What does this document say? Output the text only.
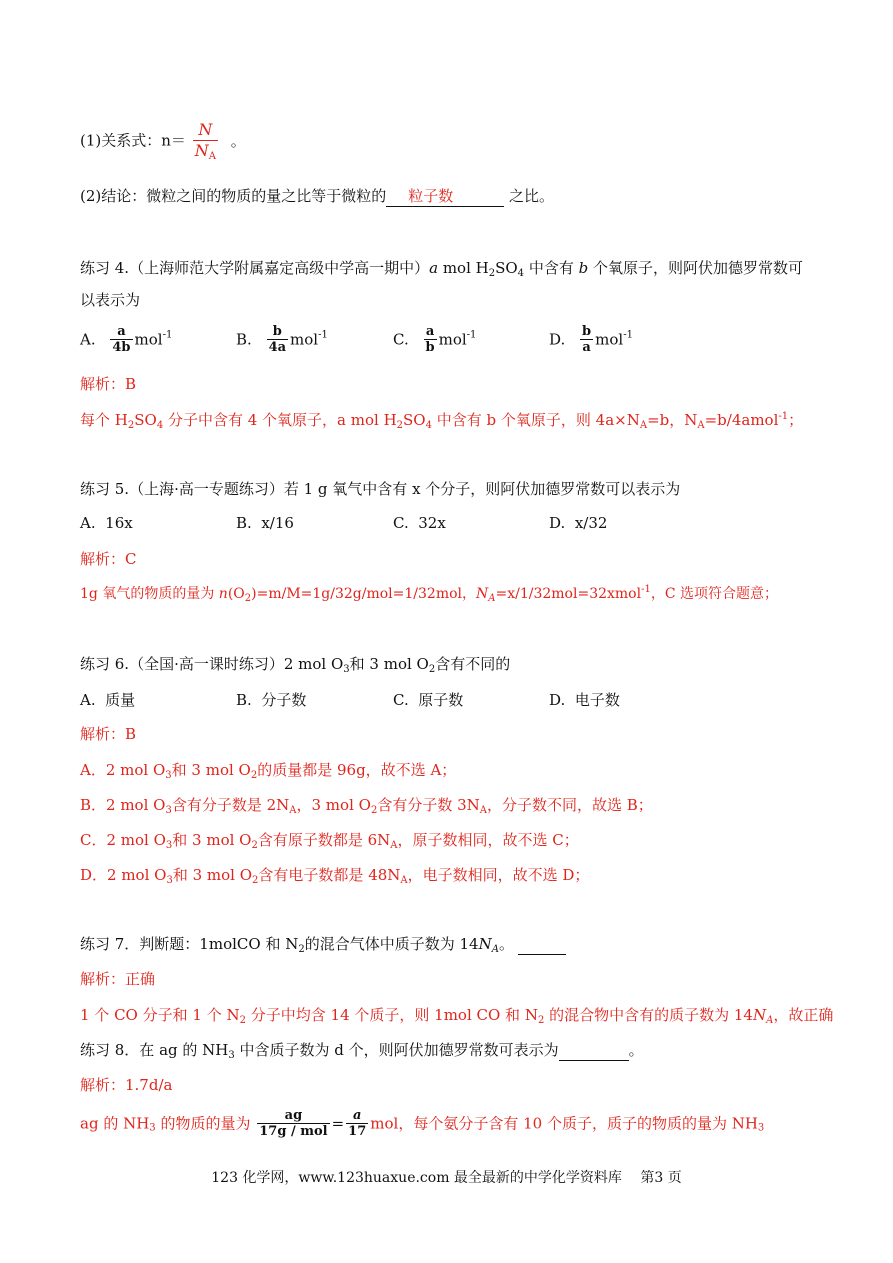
(1)关系式：$n= \frac{N}{N_A}$ 。
(2)结论：微粒之间的物质的量之比等于微粒的 粒子数	之比。
练习 4.（上海师范大学附属嘉定高级中学高一期中）a mol $H_2SO_4$ 中含有 b 个氧原子，则阿伏加德罗常数可
以表示为
A. $\frac{a}{4b} mol^{-1}$	B. $\frac{b}{4a} mol^{-1}$	C. $\frac{a}{b} mol^{-1}$	D. $\frac{b}{a} mol^{-1}$
解析：B
每个 $H_2SO_4$ 分子中含有 4 个氧原子，a mol $H_2SO_4$ 中含有 b 个氧原子，则 $4a\times N_A=b$，$N_A=b/4amol^{-1}$；
练习 5.（上海·高一专题练习）若 1 g 氧气中含有 x 个分子，则阿伏加德罗常数可以表示为
A. 16x	B. x/16	C. 32x	D. x/32
解析：C
1g 氧气的物质的量为 $n(O_2)=m/M=1g/32g/mol=1/32mol$，$N_A=x/1/32mol=32xmol^{-1}$，C 选项符合题意；
练习 6.（全国·高一课时练习）2 mol $O_3$和 3 mol $O_2$含有不同的
A. 质量	B. 分子数	C. 原子数	D. 电子数
解析：B
A．2 mol $O_3$和 3 mol $O_2$的质量都是 96g，故不选 A；
B．2 mol $O_3$含有分子数是 $2N_A$，3 mol $O_2$含有分子数 $3N_A$，分子数不同，故选 B；
C．2 mol $O_3$和 3 mol $O_2$含有原子数都是 $6N_A$，原子数相同，故不选 C；
D．2 mol $O_3$和 3 mol $O_2$含有电子数都是 $48N_A$，电子数相同，故不选 D；
练习 7．判断题：1molCO 和 $N_2$的混合气体中质子数为 $14N_A$。
解析：正确
1 个 CO 分子和 1 个 $N_2$ 分子中均含 14 个质子，则 1mol CO 和 $N_2$ 的混合物中含有的质子数为 $14N_A$，故正确
练习 8．在 ag 的 $NH_3$ 中含质子数为 d 个，则阿伏加德罗常数可表示为	。
解析：1.7d/a
ag 的 $NH_3$ 的物质的量为	ag
17g / mol = $\frac{a}{17}$ mol，每个氨分子含有 10 个质子，质子的物质的量为 $NH_3$
123 化学网，www.123huaxue.com 最全最新的中学化学资料库　 第3 页
